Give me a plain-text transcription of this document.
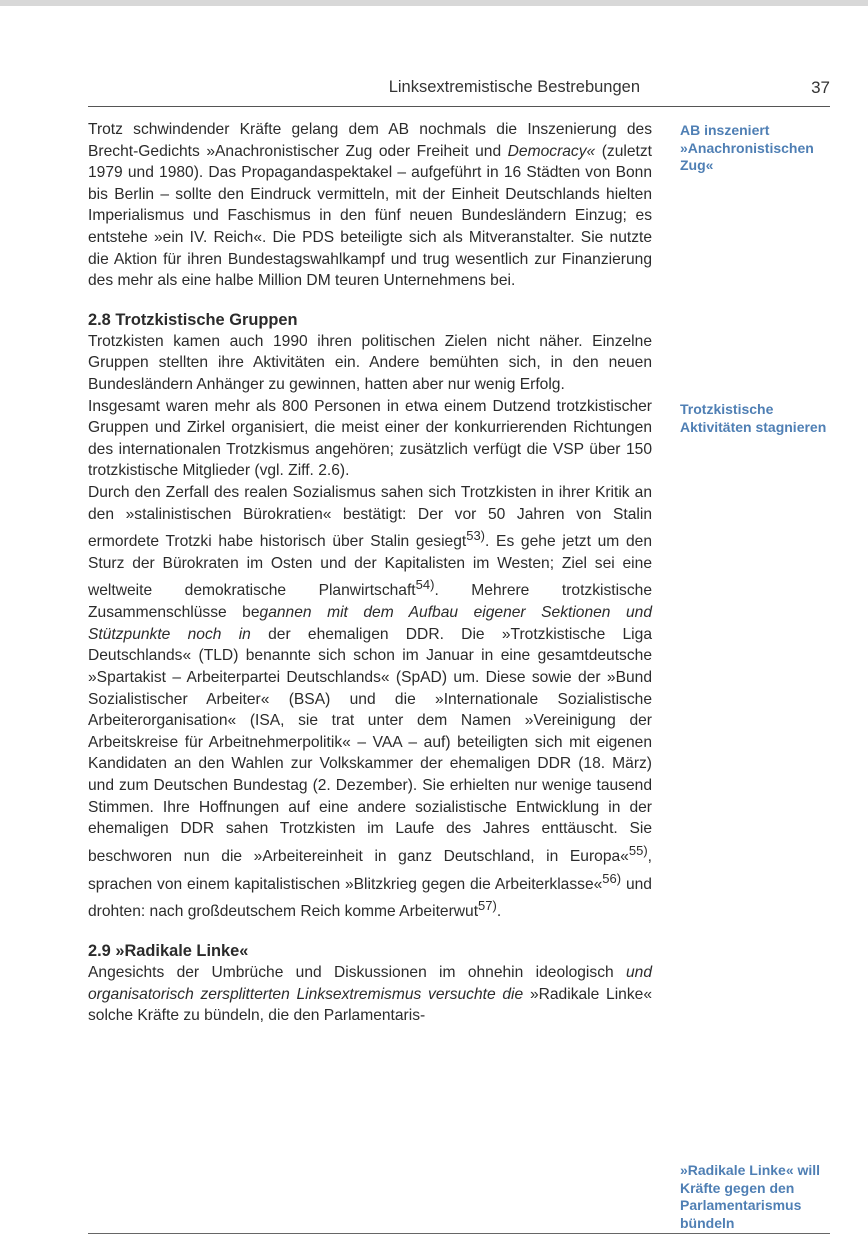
Linksextremistische Bestrebungen	37

Trotz schwindender Kräfte gelang dem AB nochmals die Inszenierung des Brecht-Gedichts »Anachronistischer Zug oder Freiheit und Democracy« (zuletzt 1979 und 1980). Das Propagandaspektakel – aufgeführt in 16 Städten von Bonn bis Berlin – sollte den Eindruck vermitteln, mit der Einheit Deutschlands hielten Imperialismus und Faschismus in den fünf neuen Bundesländern Einzug; es entstehe »ein IV. Reich«. Die PDS beteiligte sich als Mitveranstalter. Sie nutzte die Aktion für ihren Bundestagswahlkampf und trug wesentlich zur Finanzierung des mehr als eine halbe Million DM teuren Unternehmens bei.

2.8 Trotzkistische Gruppen

Trotzkisten kamen auch 1990 ihren politischen Zielen nicht näher. Einzelne Gruppen stellten ihre Aktivitäten ein. Andere bemühten sich, in den neuen Bundesländern Anhänger zu gewinnen, hatten aber nur wenig Erfolg.

Insgesamt waren mehr als 800 Personen in etwa einem Dutzend trotzkistischer Gruppen und Zirkel organisiert, die meist einer der konkurrierenden Richtungen des internationalen Trotzkismus angehören; zusätzlich verfügt die VSP über 150 trotzkistische Mitglieder (vgl. Ziff. 2.6).

Durch den Zerfall des realen Sozialismus sahen sich Trotzkisten in ihrer Kritik an den »stalinistischen Bürokratien« bestätigt: Der vor 50 Jahren von Stalin ermordete Trotzki habe historisch über Stalin gesiegt$^{53)}$. Es gehe jetzt um den Sturz der Bürokraten im Osten und der Kapitalisten im Westen; Ziel sei eine weltweite demokratische Planwirtschaft$^{54)}$. Mehrere trotzkistische Zusammenschlüsse begannen mit dem Aufbau eigener Sektionen und Stützpunkte noch in der ehemaligen DDR. Die »Trotzkistische Liga Deutschlands« (TLD) benannte sich schon im Januar in eine gesamtdeutsche »Spartakist – Arbeiterpartei Deutschlands« (SpAD) um. Diese sowie der »Bund Sozialistischer Arbeiter« (BSA) und die »Internationale Sozialistische Arbeiterorganisation« (ISA, sie trat unter dem Namen »Vereinigung der Arbeitskreise für Arbeitnehmerpolitik« – VAA – auf) beteiligten sich mit eigenen Kandidaten an den Wahlen zur Volkskammer der ehemaligen DDR (18. März) und zum Deutschen Bundestag (2. Dezember). Sie erhielten nur wenige tausend Stimmen. Ihre Hoffnungen auf eine andere sozialistische Entwicklung in der ehemaligen DDR sahen Trotzkisten im Laufe des Jahres enttäuscht. Sie beschworen nun die »Arbeitereinheit in ganz Deutschland, in Europa«$^{55)}$, sprachen von einem kapitalistischen »Blitzkrieg gegen die Arbeiterklasse«$^{56)}$ und drohten: nach großdeutschem Reich komme Arbeiterwut$^{57)}$.

2.9 »Radikale Linke«

Angesichts der Umbrüche und Diskussionen im ohnehin ideologisch und organisatorisch zersplitterten Linksextremismus versuchte die »Radikale Linke« solche Kräfte zu bündeln, die den Parlamentaris-

AB inszeniert »Anachronistischen Zug«
Trotzkistische Aktivitäten stagnieren
»Radikale Linke« will Kräfte gegen den Parlamentarismus bündeln
